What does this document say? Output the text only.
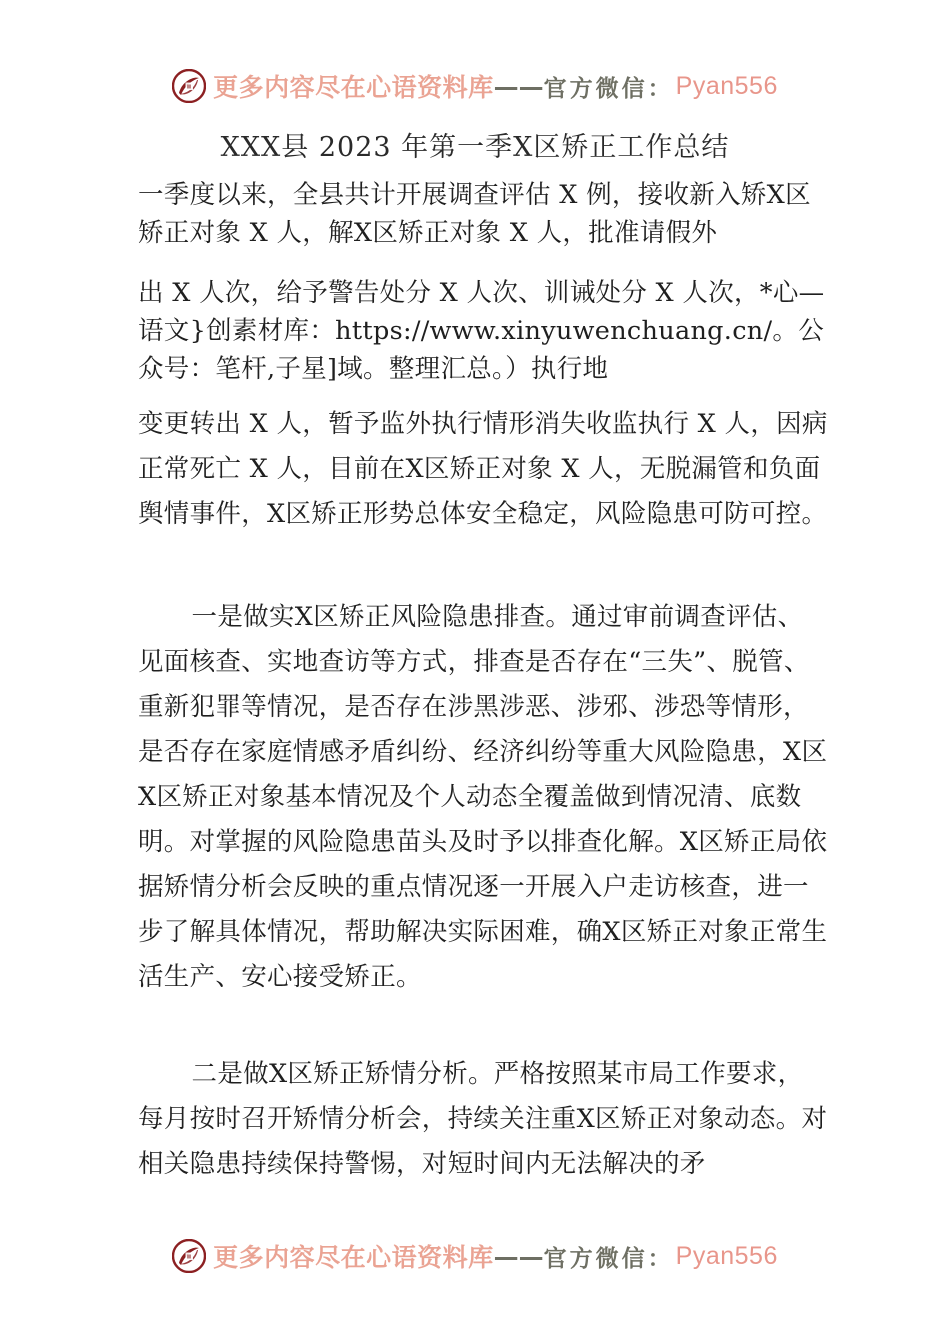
更多内容尽在心语资料库 —— 官方微信： Pyan556
XXX县 2023 年第一季X区矫正工作总结

一季度以来，全县共计开展调查评估 X 例，接收新入矫X区矫正对象 X 人，解X区矫正对象 X 人，批准请假外

出 X 人次，给予警告处分 X 人次、训诫处分 X 人次，*心—语文}创素材库：https://www.xinyuwenchuang.cn/。公众号：笔杆,子星]域。整理汇总。）执行地

变更转出 X 人，暂予监外执行情形消失收监执行 X 人，因病正常死亡 X 人，目前在X区矫正对象 X 人，无脱漏管和负面舆情事件，X区矫正形势总体安全稳定，风险隐患可防可控。

一是做实X区矫正风险隐患排查。通过审前调查评估、见面核查、实地查访等方式，排查是否存在“三失”、脱管、重新犯罪等情况，是否存在涉黑涉恶、涉邪、涉恐等情形， 是否存在家庭情感矛盾纠纷、经济纠纷等重大风险隐患，X区X区矫正对象基本情况及个人动态全覆盖做到情况清、底数明。对掌握的风险隐患苗头及时予以排查化解。X区矫正局依据矫情分析会反映的重点情况逐一开展入户走访核查，进一步了解具体情况，帮助解决实际困难，确X区矫正对象正常生活生产、安心接受矫正。

二是做X区矫正矫情分析。严格按照某市局工作要求，每月按时召开矫情分析会，持续关注重X区矫正对象动态。对相关隐患持续保持警惕，对短时间内无法解决的矛

更多内容尽在心语资料库 —— 官方微信： Pyan556
